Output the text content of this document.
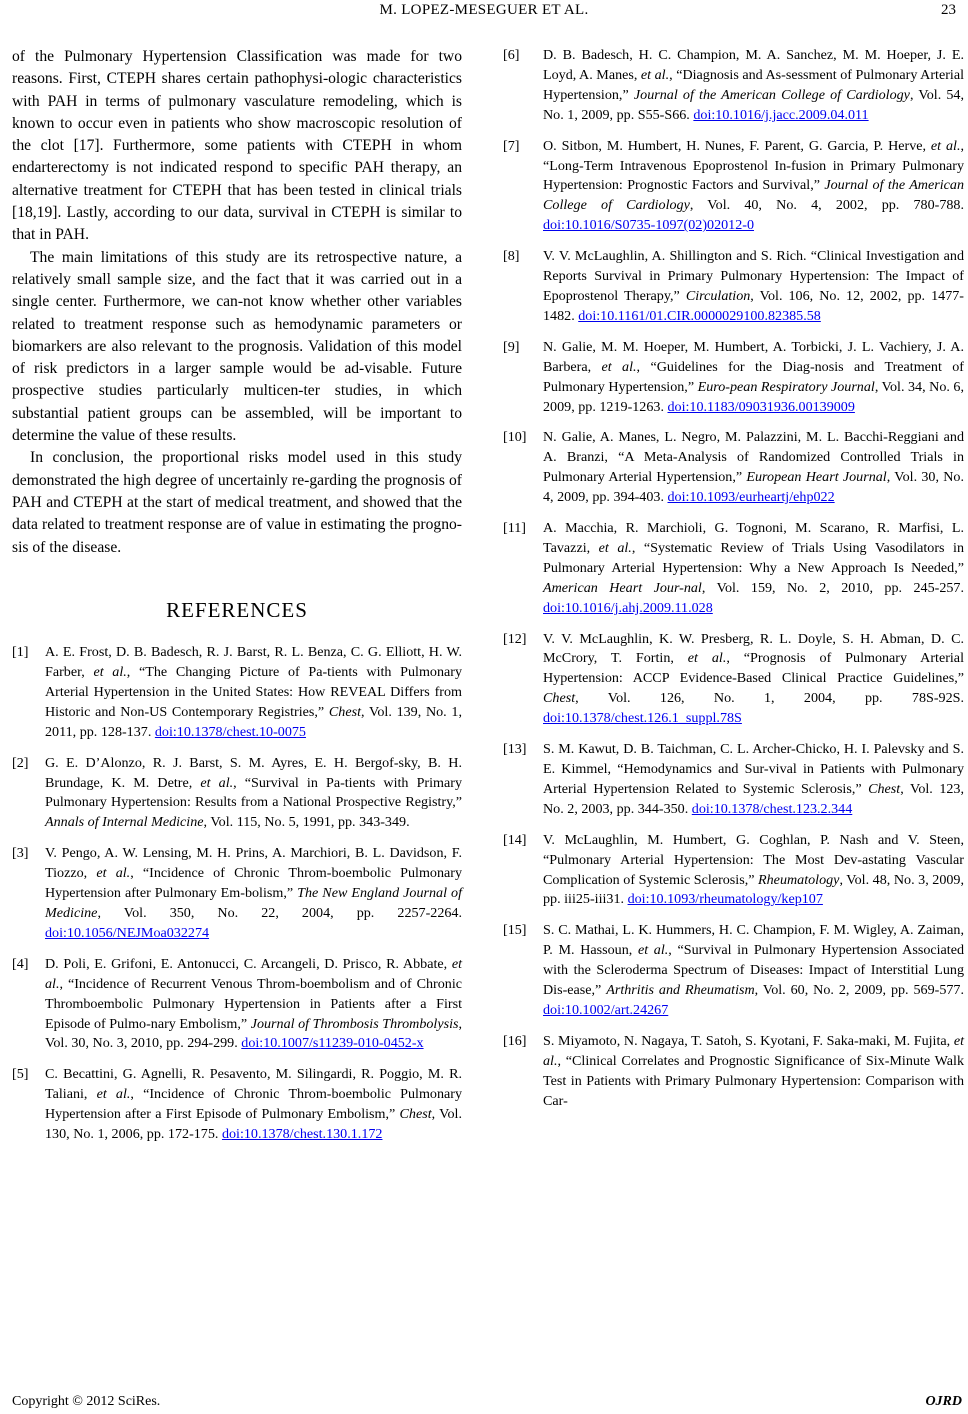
M. LOPEZ-MESEGUER ET AL.	23

of the Pulmonary Hypertension Classification was made for two reasons. First, CTEPH shares certain pathophysi-ologic characteristics with PAH in terms of pulmonary vasculature remodeling, which is known to occur even in patients who show macroscopic resolution of the clot [17]. Furthermore, some patients with CTEPH in whom endarterectomy is not indicated respond to specific PAH therapy, an alternative treatment for CTEPH that has been tested in clinical trials [18,19]. Lastly, according to our data, survival in CTEPH is similar to that in PAH.

The main limitations of this study are its retrospective nature, a relatively small sample size, and the fact that it was carried out in a single center. Furthermore, we can-not know whether other variables related to treatment response such as hemodynamic parameters or biomarkers are also relevant to the prognosis. Validation of this model of risk predictors in a larger sample would be ad-visable. Future prospective studies particularly multicen-ter studies, in which substantial patient groups can be assembled, will be important to determine the value of these results.

In conclusion, the proportional risks model used in this study demonstrated the high degree of uncertainly re-garding the prognosis of PAH and CTEPH at the start of medical treatment, and showed that the data related to treatment response are of value in estimating the progno-sis of the disease.

REFERENCES
[1] A. E. Frost, D. B. Badesch, R. J. Barst, R. L. Benza, C. G. Elliott, H. W. Farber, et al., “The Changing Picture of Pa-tients with Pulmonary Arterial Hypertension in the United States: How REVEAL Differs from Historic and Non-US Contemporary Registries,” Chest, Vol. 139, No. 1, 2011, pp. 128-137. doi:10.1378/chest.10-0075
[2] G. E. D’Alonzo, R. J. Barst, S. M. Ayres, E. H. Bergof-sky, B. H. Brundage, K. M. Detre, et al., “Survival in Pa-tients with Primary Pulmonary Hypertension: Results from a National Prospective Registry,” Annals of Internal Medicine, Vol. 115, No. 5, 1991, pp. 343-349.
[3] V. Pengo, A. W. Lensing, M. H. Prins, A. Marchiori, B. L. Davidson, F. Tiozzo, et al., “Incidence of Chronic Throm-boembolic Pulmonary Hypertension after Pulmonary Em-bolism,” The New England Journal of Medicine, Vol. 350, No. 22, 2004, pp. 2257-2264. doi:10.1056/NEJMoa032274
[4] D. Poli, E. Grifoni, E. Antonucci, C. Arcangeli, D. Prisco, R. Abbate, et al., “Incidence of Recurrent Venous Throm-boembolism and of Chronic Thromboembolic Pulmonary Hypertension in Patients after a First Episode of Pulmo-nary Embolism,” Journal of Thrombosis Thrombolysis, Vol. 30, No. 3, 2010, pp. 294-299. doi:10.1007/s11239-010-0452-x
[5] C. Becattini, G. Agnelli, R. Pesavento, M. Silingardi, R. Poggio, M. R. Taliani, et al., “Incidence of Chronic Throm-boembolic Pulmonary Hypertension after a First Episode of Pulmonary Embolism,” Chest, Vol. 130, No. 1, 2006, pp. 172-175. doi:10.1378/chest.130.1.172
[6] D. B. Badesch, H. C. Champion, M. A. Sanchez, M. M. Hoeper, J. E. Loyd, A. Manes, et al., “Diagnosis and As-sessment of Pulmonary Arterial Hypertension,” Journal of the American College of Cardiology, Vol. 54, No. 1, 2009, pp. S55-S66. doi:10.1016/j.jacc.2009.04.011
[7] O. Sitbon, M. Humbert, H. Nunes, F. Parent, G. Garcia, P. Herve, et al., “Long-Term Intravenous Epoprostenol In-fusion in Primary Pulmonary Hypertension: Prognostic Factors and Survival,” Journal of the American College of Cardiology, Vol. 40, No. 4, 2002, pp. 780-788. doi:10.1016/S0735-1097(02)02012-0
[8] V. V. McLaughlin, A. Shillington and S. Rich. “Clinical Investigation and Reports Survival in Primary Pulmonary Hypertension: The Impact of Epoprostenol Therapy,” Circulation, Vol. 106, No. 12, 2002, pp. 1477-1482. doi:10.1161/01.CIR.0000029100.82385.58
[9] N. Galie, M. M. Hoeper, M. Humbert, A. Torbicki, J. L. Vachiery, J. A. Barbera, et al., “Guidelines for the Diag-nosis and Treatment of Pulmonary Hypertension,” Euro-pean Respiratory Journal, Vol. 34, No. 6, 2009, pp. 1219-1263. doi:10.1183/09031936.00139009
[10] N. Galie, A. Manes, L. Negro, M. Palazzini, M. L. Bacchi-Reggiani and A. Branzi, “A Meta-Analysis of Randomized Controlled Trials in Pulmonary Arterial Hypertension,” European Heart Journal, Vol. 30, No. 4, 2009, pp. 394-403. doi:10.1093/eurheartj/ehp022
[11] A. Macchia, R. Marchioli, G. Tognoni, M. Scarano, R. Marfisi, L. Tavazzi, et al., “Systematic Review of Trials Using Vasodilators in Pulmonary Arterial Hypertension: Why a New Approach Is Needed,” American Heart Jour-nal, Vol. 159, No. 2, 2010, pp. 245-257. doi:10.1016/j.ahj.2009.11.028
[12] V. V. McLaughlin, K. W. Presberg, R. L. Doyle, S. H. Abman, D. C. McCrory, T. Fortin, et al., “Prognosis of Pulmonary Arterial Hypertension: ACCP Evidence-Based Clinical Practice Guidelines,” Chest, Vol. 126, No. 1, 2004, pp. 78S-92S. doi:10.1378/chest.126.1_suppl.78S
[13] S. M. Kawut, D. B. Taichman, C. L. Archer-Chicko, H. I. Palevsky and S. E. Kimmel, “Hemodynamics and Sur-vival in Patients with Pulmonary Arterial Hypertension Related to Systemic Sclerosis,” Chest, Vol. 123, No. 2, 2003, pp. 344-350. doi:10.1378/chest.123.2.344
[14] V. McLaughlin, M. Humbert, G. Coghlan, P. Nash and V. Steen, “Pulmonary Arterial Hypertension: The Most Dev-astating Vascular Complication of Systemic Sclerosis,” Rheumatology, Vol. 48, No. 3, 2009, pp. iii25-iii31. doi:10.1093/rheumatology/kep107
[15] S. C. Mathai, L. K. Hummers, H. C. Champion, F. M. Wigley, A. Zaiman, P. M. Hassoun, et al., “Survival in Pulmonary Hypertension Associated with the Scleroderma Spectrum of Diseases: Impact of Interstitial Lung Dis-ease,” Arthritis and Rheumatism, Vol. 60, No. 2, 2009, pp. 569-577. doi:10.1002/art.24267
[16] S. Miyamoto, N. Nagaya, T. Satoh, S. Kyotani, F. Saka-maki, M. Fujita, et al., “Clinical Correlates and Prognostic Significance of Six-Minute Walk Test in Patients with Primary Pulmonary Hypertension: Comparison with Car-
Copyright © 2012 SciRes.	OJRD
